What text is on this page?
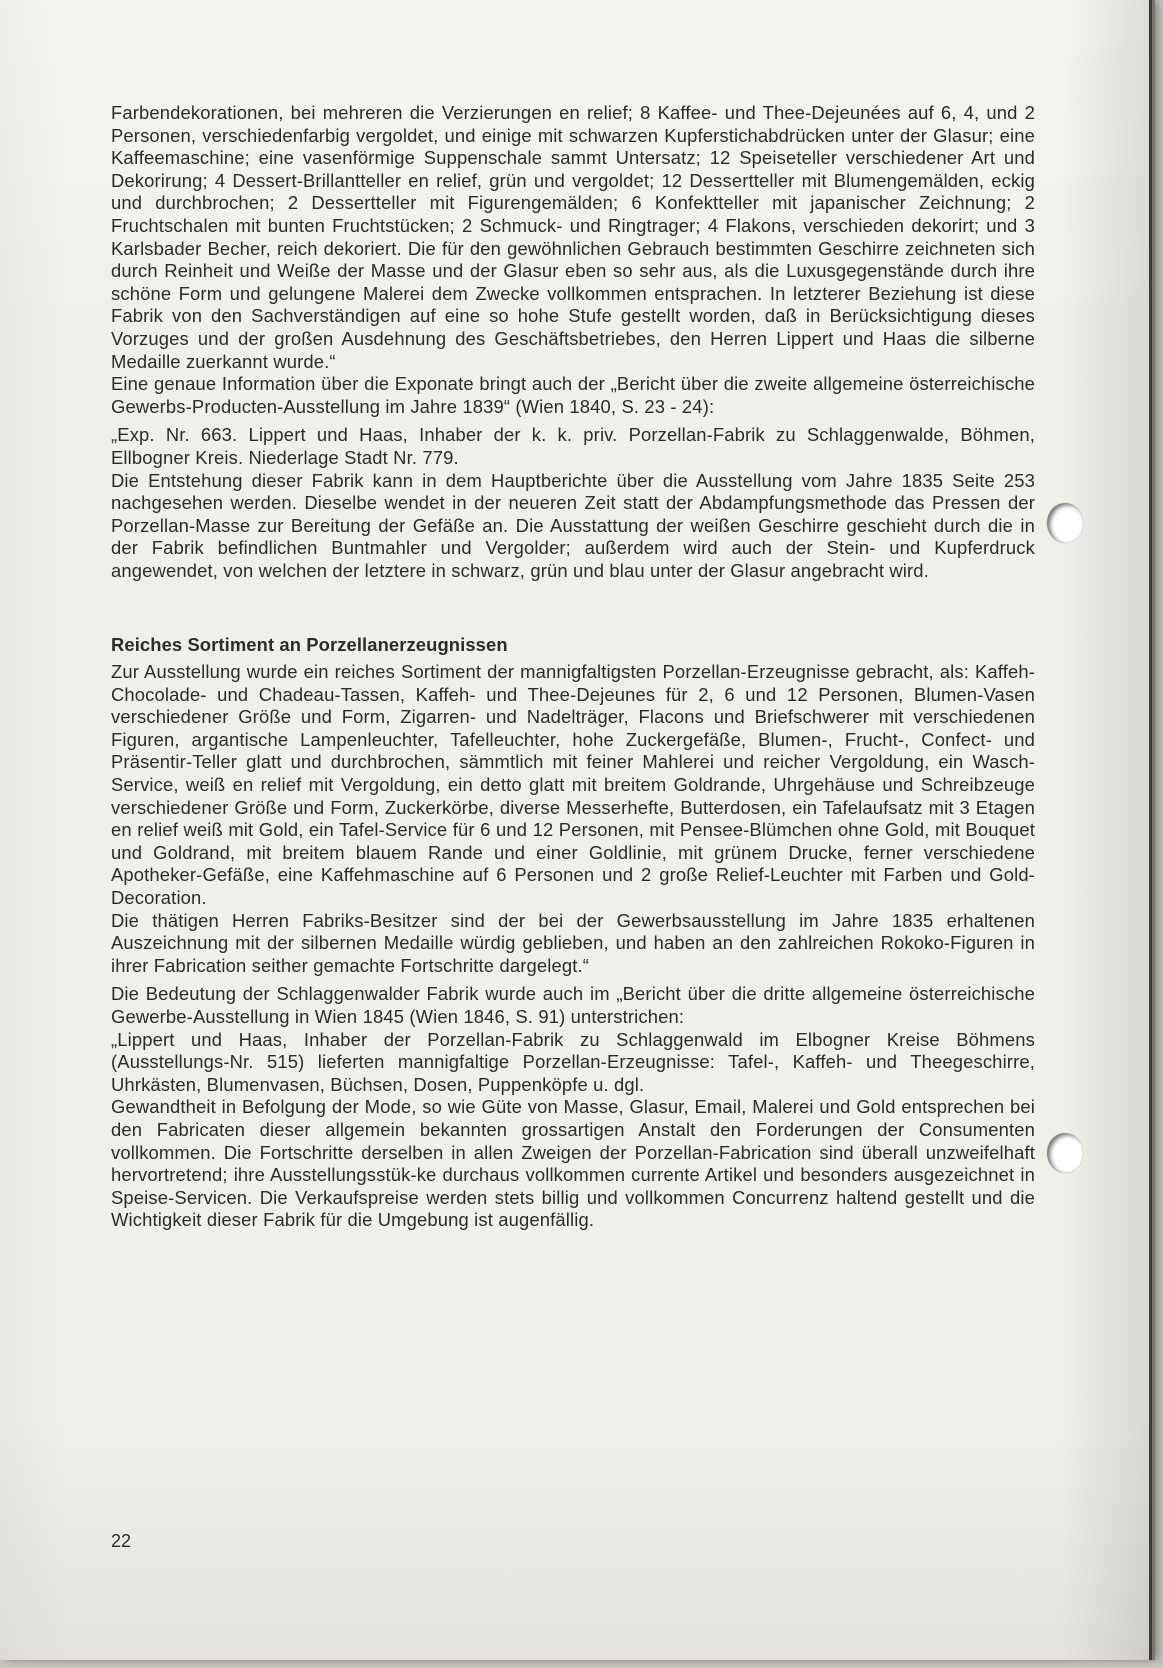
Farbendekorationen, bei mehreren die Verzierungen en relief; 8 Kaffee- und Thee-Dejeunées auf 6, 4, und 2 Personen, verschiedenfarbig vergoldet, und einige mit schwarzen Kupferstichabdrücken unter der Glasur; eine Kaffeemaschine; eine vasenförmige Suppenschale sammt Untersatz; 12 Speiseteller verschiedener Art und Dekorirung; 4 Dessert-Brillantteller en relief, grün und vergoldet; 12 Dessertteller mit Blumengemälden, eckig und durchbrochen; 2 Dessertteller mit Figurengemälden; 6 Konfektteller mit japanischer Zeichnung; 2 Fruchtschalen mit bunten Fruchtstücken; 2 Schmuck- und Ringtrager; 4 Flakons, verschieden dekorirt; und 3 Karlsbader Becher, reich dekoriert. Die für den gewöhnlichen Gebrauch bestimmten Geschirre zeichneten sich durch Reinheit und Weiße der Masse und der Glasur eben so sehr aus, als die Luxusgegenstände durch ihre schöne Form und gelungene Malerei dem Zwecke vollkommen entsprachen. In letzterer Beziehung ist diese Fabrik von den Sachverständigen auf eine so hohe Stufe gestellt worden, daß in Berücksichtigung dieses Vorzuges und der großen Ausdehnung des Geschäftsbetriebes, den Herren Lippert und Haas die silberne Medaille zuerkannt wurde.“

Eine genaue Information über die Exponate bringt auch der „Bericht über die zweite allgemeine österreichische Gewerbs-Producten-Ausstellung im Jahre 1839“ (Wien 1840, S. 23 - 24):

„Exp. Nr. 663. Lippert und Haas, Inhaber der k. k. priv. Porzellan-Fabrik zu Schlaggenwalde, Böhmen, Ellbogner Kreis. Niederlage Stadt Nr. 779.

Die Entstehung dieser Fabrik kann in dem Hauptberichte über die Ausstellung vom Jahre 1835 Seite 253 nachgesehen werden. Dieselbe wendet in der neueren Zeit statt der Abdampfungsmethode das Pressen der Porzellan-Masse zur Bereitung der Gefäße an. Die Ausstattung der weißen Geschirre geschieht durch die in der Fabrik befindlichen Buntmahler und Vergolder; außerdem wird auch der Stein- und Kupferdruck angewendet, von welchen der letztere in schwarz, grün und blau unter der Glasur angebracht wird.

Reiches Sortiment an Porzellanerzeugnissen

Zur Ausstellung wurde ein reiches Sortiment der mannigfaltigsten Porzellan-Erzeugnisse gebracht, als: Kaffeh- Chocolade- und Chadeau-Tassen, Kaffeh- und Thee-Dejeunes für 2, 6 und 12 Personen, Blumen-Vasen verschiedener Größe und Form, Zigarren- und Nadelträger, Flacons und Briefschwerer mit verschiedenen Figuren, argantische Lampenleuchter, Tafelleuchter, hohe Zuckergefäße, Blumen-, Frucht-, Confect- und Präsentir-Teller glatt und durchbrochen, sämmtlich mit feiner Mahlerei und reicher Vergoldung, ein Wasch-Service, weiß en relief mit Vergoldung, ein detto glatt mit breitem Goldrande, Uhrgehäuse und Schreibzeuge verschiedener Größe und Form, Zuckerkörbe, diverse Messerhefte, Butterdosen, ein Tafelaufsatz mit 3 Etagen en relief weiß mit Gold, ein Tafel-Service für 6 und 12 Personen, mit Pensee-Blümchen ohne Gold, mit Bouquet und Goldrand, mit breitem blauem Rande und einer Goldlinie, mit grünem Drucke, ferner verschiedene Apotheker-Gefäße, eine Kaffehmaschine auf 6 Personen und 2 große Relief-Leuchter mit Farben und Gold-Decoration.

Die thätigen Herren Fabriks-Besitzer sind der bei der Gewerbsausstellung im Jahre 1835 erhaltenen Auszeichnung mit der silbernen Medaille würdig geblieben, und haben an den zahlreichen Rokoko-Figuren in ihrer Fabrication seither gemachte Fortschritte dargelegt.“

Die Bedeutung der Schlaggenwalder Fabrik wurde auch im „Bericht über die dritte allgemeine österreichische Gewerbe-Ausstellung in Wien 1845 (Wien 1846, S. 91) unterstrichen:

„Lippert und Haas, Inhaber der Porzellan-Fabrik zu Schlaggenwald im Elbogner Kreise Böhmens (Ausstellungs-Nr. 515) lieferten mannigfaltige Porzellan-Erzeugnisse: Tafel-, Kaffeh- und Theegeschirre, Uhrkästen, Blumenvasen, Büchsen, Dosen, Puppenköpfe u. dgl.

Gewandtheit in Befolgung der Mode, so wie Güte von Masse, Glasur, Email, Malerei und Gold entsprechen bei den Fabricaten dieser allgemein bekannten grossartigen Anstalt den Forderungen der Consumenten vollkommen. Die Fortschritte derselben in allen Zweigen der Porzellan-Fabrication sind überall unzweifelhaft hervortretend; ihre Ausstellungsstük-ke durchaus vollkommen currente Artikel und besonders ausgezeichnet in Speise-Servicen. Die Verkaufspreise werden stets billig und vollkommen Concurrenz haltend gestellt und die Wichtigkeit dieser Fabrik für die Umgebung ist augenfällig.

22
